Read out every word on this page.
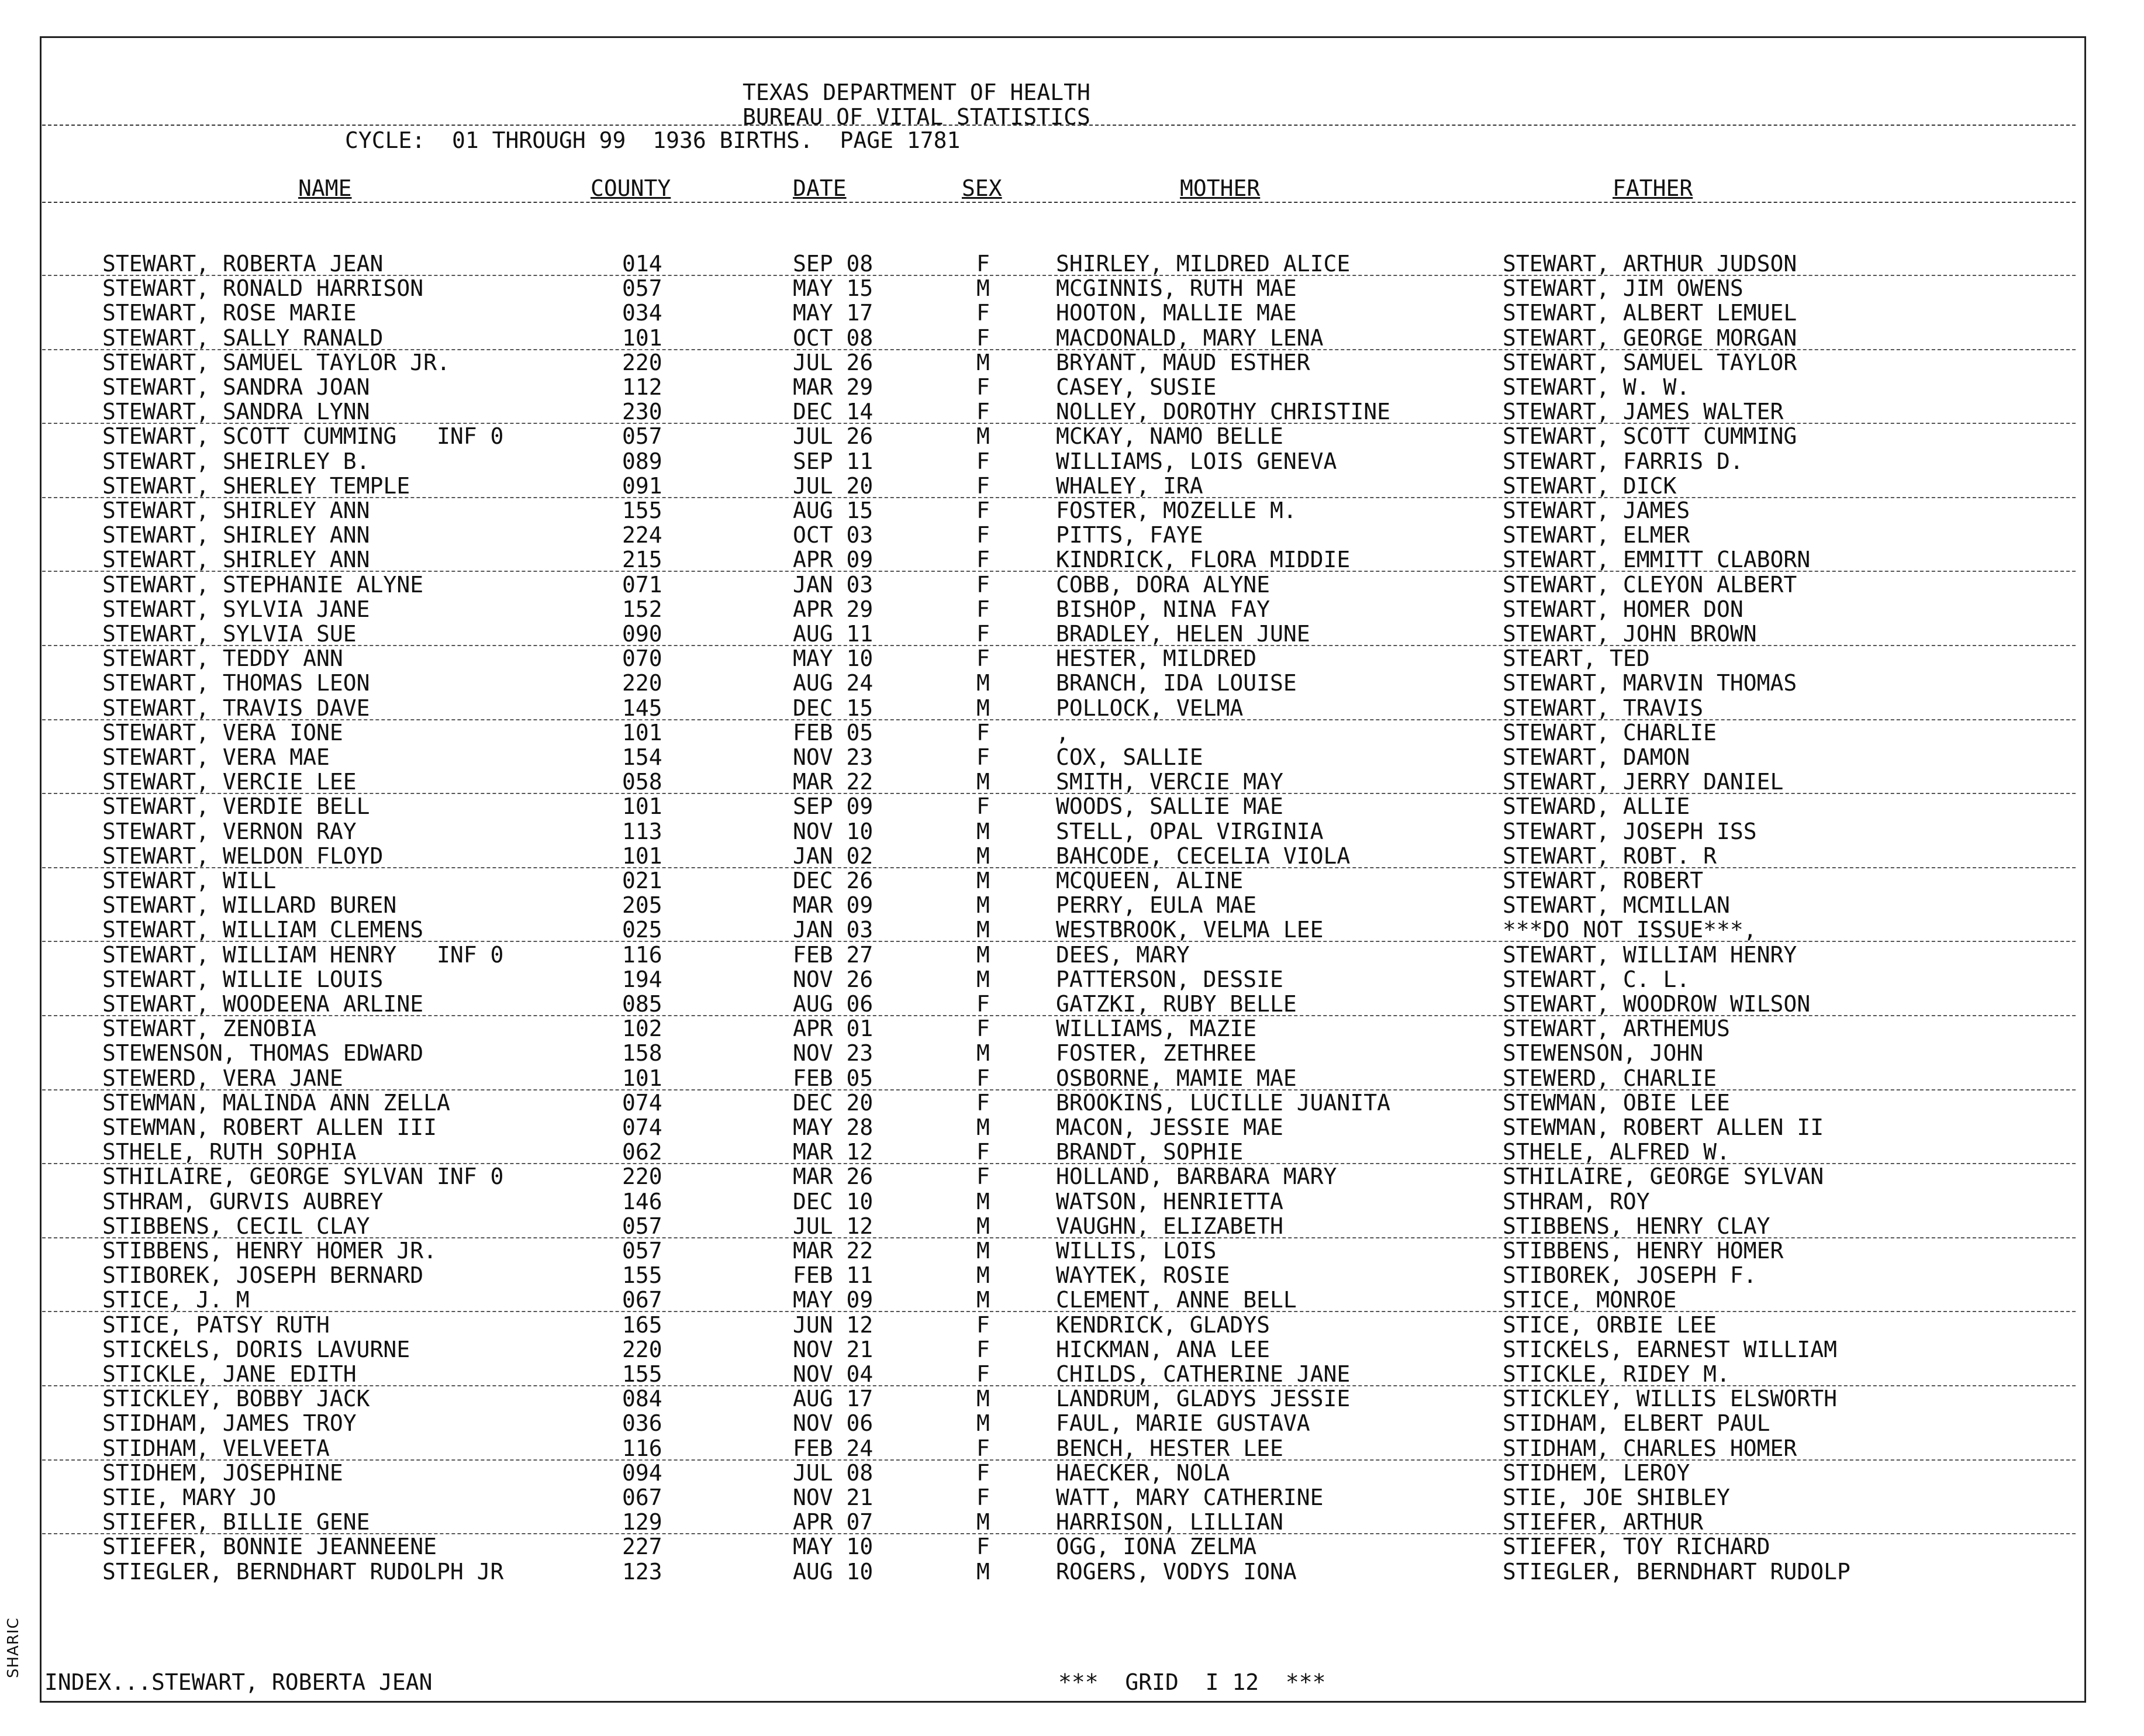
SHARIC
TEXAS DEPARTMENT OF HEALTH
BUREAU OF VITAL STATISTICS
CYCLE:  01 THROUGH 99  1936 BIRTHS.  PAGE 1781
NAME	COUNTY	DATE	SEX	MOTHER	FATHER
STEWART, ROBERTA JEAN	014	SEP 08	F	SHIRLEY, MILDRED ALICE	STEWART, ARTHUR JUDSON
STEWART, RONALD HARRISON	057	MAY 15	M	MCGINNIS, RUTH MAE	STEWART, JIM OWENS
STEWART, ROSE MARIE	034	MAY 17	F	HOOTON, MALLIE MAE	STEWART, ALBERT LEMUEL
STEWART, SALLY RANALD	101	OCT 08	F	MACDONALD, MARY LENA	STEWART, GEORGE MORGAN
STEWART, SAMUEL TAYLOR JR.	220	JUL 26	M	BRYANT, MAUD ESTHER	STEWART, SAMUEL TAYLOR
STEWART, SANDRA JOAN	112	MAR 29	F	CASEY, SUSIE	STEWART, W. W.
STEWART, SANDRA LYNN	230	DEC 14	F	NOLLEY, DOROTHY CHRISTINE	STEWART, JAMES WALTER
STEWART, SCOTT CUMMING   INF 0	057	JUL 26	M	MCKAY, NAMO BELLE	STEWART, SCOTT CUMMING
STEWART, SHEIRLEY B.	089	SEP 11	F	WILLIAMS, LOIS GENEVA	STEWART, FARRIS D.
STEWART, SHERLEY TEMPLE	091	JUL 20	F	WHALEY, IRA	STEWART, DICK
STEWART, SHIRLEY ANN	155	AUG 15	F	FOSTER, MOZELLE M.	STEWART, JAMES
STEWART, SHIRLEY ANN	224	OCT 03	F	PITTS, FAYE	STEWART, ELMER
STEWART, SHIRLEY ANN	215	APR 09	F	KINDRICK, FLORA MIDDIE	STEWART, EMMITT CLABORN
STEWART, STEPHANIE ALYNE	071	JAN 03	F	COBB, DORA ALYNE	STEWART, CLEYON ALBERT
STEWART, SYLVIA JANE	152	APR 29	F	BISHOP, NINA FAY	STEWART, HOMER DON
STEWART, SYLVIA SUE	090	AUG 11	F	BRADLEY, HELEN JUNE	STEWART, JOHN BROWN
STEWART, TEDDY ANN	070	MAY 10	F	HESTER, MILDRED	STEART, TED
STEWART, THOMAS LEON	220	AUG 24	M	BRANCH, IDA LOUISE	STEWART, MARVIN THOMAS
STEWART, TRAVIS DAVE	145	DEC 15	M	POLLOCK, VELMA	STEWART, TRAVIS
STEWART, VERA IONE	101	FEB 05	F	,	STEWART, CHARLIE
STEWART, VERA MAE	154	NOV 23	F	COX, SALLIE	STEWART, DAMON
STEWART, VERCIE LEE	058	MAR 22	M	SMITH, VERCIE MAY	STEWART, JERRY DANIEL
STEWART, VERDIE BELL	101	SEP 09	F	WOODS, SALLIE MAE	STEWARD, ALLIE
STEWART, VERNON RAY	113	NOV 10	M	STELL, OPAL VIRGINIA	STEWART, JOSEPH ISS
STEWART, WELDON FLOYD	101	JAN 02	M	BAHCODE, CECELIA VIOLA	STEWART, ROBT. R
STEWART, WILL	021	DEC 26	M	MCQUEEN, ALINE	STEWART, ROBERT
STEWART, WILLARD BUREN	205	MAR 09	M	PERRY, EULA MAE	STEWART, MCMILLAN
STEWART, WILLIAM CLEMENS	025	JAN 03	M	WESTBROOK, VELMA LEE	***DO NOT ISSUE***,
STEWART, WILLIAM HENRY   INF 0	116	FEB 27	M	DEES, MARY	STEWART, WILLIAM HENRY
STEWART, WILLIE LOUIS	194	NOV 26	M	PATTERSON, DESSIE	STEWART, C. L.
STEWART, WOODEENA ARLINE	085	AUG 06	F	GATZKI, RUBY BELLE	STEWART, WOODROW WILSON
STEWART, ZENOBIA	102	APR 01	F	WILLIAMS, MAZIE	STEWART, ARTHEMUS
STEWENSON, THOMAS EDWARD	158	NOV 23	M	FOSTER, ZETHREE	STEWENSON, JOHN
STEWERD, VERA JANE	101	FEB 05	F	OSBORNE, MAMIE MAE	STEWERD, CHARLIE
STEWMAN, MALINDA ANN ZELLA	074	DEC 20	F	BROOKINS, LUCILLE JUANITA	STEWMAN, OBIE LEE
STEWMAN, ROBERT ALLEN III	074	MAY 28	M	MACON, JESSIE MAE	STEWMAN, ROBERT ALLEN II
STHELE, RUTH SOPHIA	062	MAR 12	F	BRANDT, SOPHIE	STHELE, ALFRED W.
STHILAIRE, GEORGE SYLVAN INF 0	220	MAR 26	F	HOLLAND, BARBARA MARY	STHILAIRE, GEORGE SYLVAN
STHRAM, GURVIS AUBREY	146	DEC 10	M	WATSON, HENRIETTA	STHRAM, ROY
STIBBENS, CECIL CLAY	057	JUL 12	M	VAUGHN, ELIZABETH	STIBBENS, HENRY CLAY
STIBBENS, HENRY HOMER JR.	057	MAR 22	M	WILLIS, LOIS	STIBBENS, HENRY HOMER
STIBOREK, JOSEPH BERNARD	155	FEB 11	M	WAYTEK, ROSIE	STIBOREK, JOSEPH F.
STICE, J. M	067	MAY 09	M	CLEMENT, ANNE BELL	STICE, MONROE
STICE, PATSY RUTH	165	JUN 12	F	KENDRICK, GLADYS	STICE, ORBIE LEE
STICKELS, DORIS LAVURNE	220	NOV 21	F	HICKMAN, ANA LEE	STICKELS, EARNEST WILLIAM
STICKLE, JANE EDITH	155	NOV 04	F	CHILDS, CATHERINE JANE	STICKLE, RIDEY M.
STICKLEY, BOBBY JACK	084	AUG 17	M	LANDRUM, GLADYS JESSIE	STICKLEY, WILLIS ELSWORTH
STIDHAM, JAMES TROY	036	NOV 06	M	FAUL, MARIE GUSTAVA	STIDHAM, ELBERT PAUL
STIDHAM, VELVEETA	116	FEB 24	F	BENCH, HESTER LEE	STIDHAM, CHARLES HOMER
STIDHEM, JOSEPHINE	094	JUL 08	F	HAECKER, NOLA	STIDHEM, LEROY
STIE, MARY JO	067	NOV 21	F	WATT, MARY CATHERINE	STIE, JOE SHIBLEY
STIEFER, BILLIE GENE	129	APR 07	M	HARRISON, LILLIAN	STIEFER, ARTHUR
STIEFER, BONNIE JEANNEENE	227	MAY 10	F	OGG, IONA ZELMA	STIEFER, TOY RICHARD
STIEGLER, BERNDHART RUDOLPH JR	123	AUG 10	M	ROGERS, VODYS IONA	STIEGLER, BERNDHART RUDOLP
INDEX...STEWART, ROBERTA JEAN	***  GRID  I 12  ***
